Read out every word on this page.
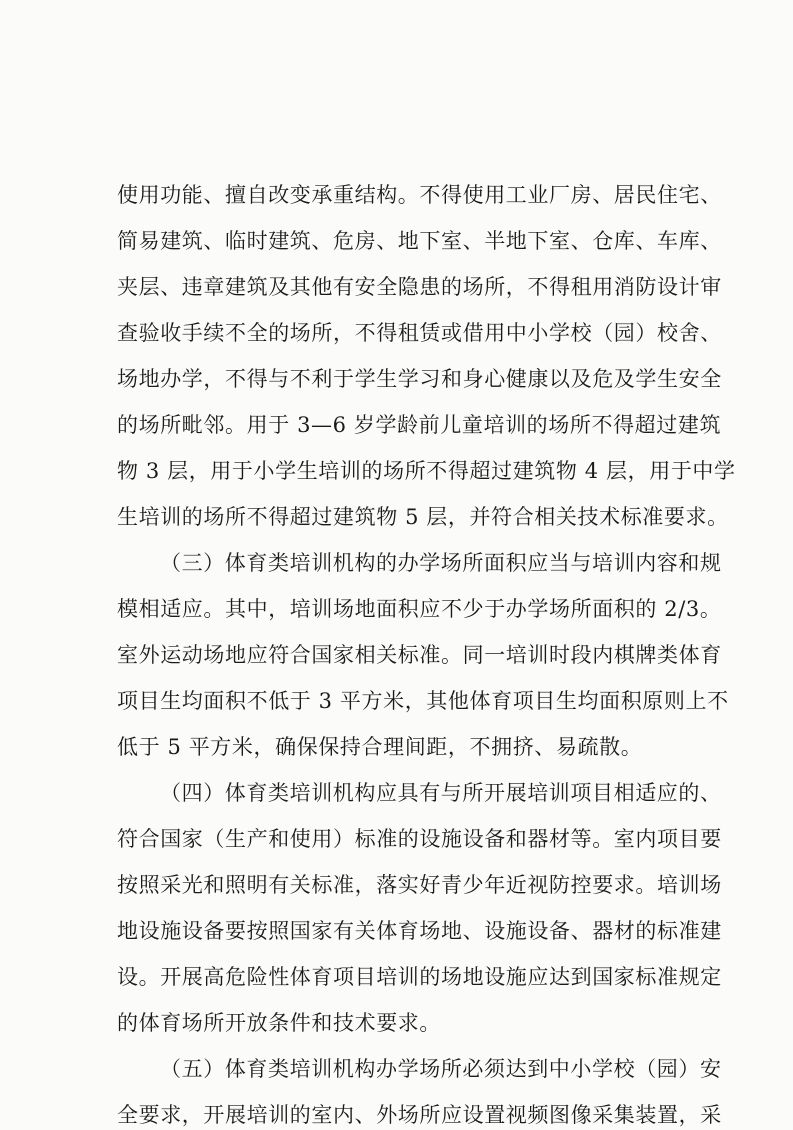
使用功能、擅自改变承重结构。不得使用工业厂房、居民住宅、
简易建筑、临时建筑、危房、地下室、半地下室、仓库、车库、
夹层、违章建筑及其他有安全隐患的场所，不得租用消防设计审
查验收手续不全的场所，不得租赁或借用中小学校（园）校舍、
场地办学，不得与不利于学生学习和身心健康以及危及学生安全
的场所毗邻。用于 3—6 岁学龄前儿童培训的场所不得超过建筑
物 3 层，用于小学生培训的场所不得超过建筑物 4 层，用于中学
生培训的场所不得超过建筑物 5 层，并符合相关技术标准要求。
（三）体育类培训机构的办学场所面积应当与培训内容和规
模相适应。其中，培训场地面积应不少于办学场所面积的 2/3。
室外运动场地应符合国家相关标准。同一培训时段内棋牌类体育
项目生均面积不低于 3 平方米，其他体育项目生均面积原则上不
低于 5 平方米，确保保持合理间距，不拥挤、易疏散。
（四）体育类培训机构应具有与所开展培训项目相适应的、
符合国家（生产和使用）标准的设施设备和器材等。室内项目要
按照采光和照明有关标准，落实好青少年近视防控要求。培训场
地设施设备要按照国家有关体育场地、设施设备、器材的标准建
设。开展高危险性体育项目培训的场地设施应达到国家标准规定
的体育场所开放条件和技术要求。
（五）体育类培训机构办学场所必须达到中小学校（园）安
全要求，开展培训的室内、外场所应设置视频图像采集装置，采
